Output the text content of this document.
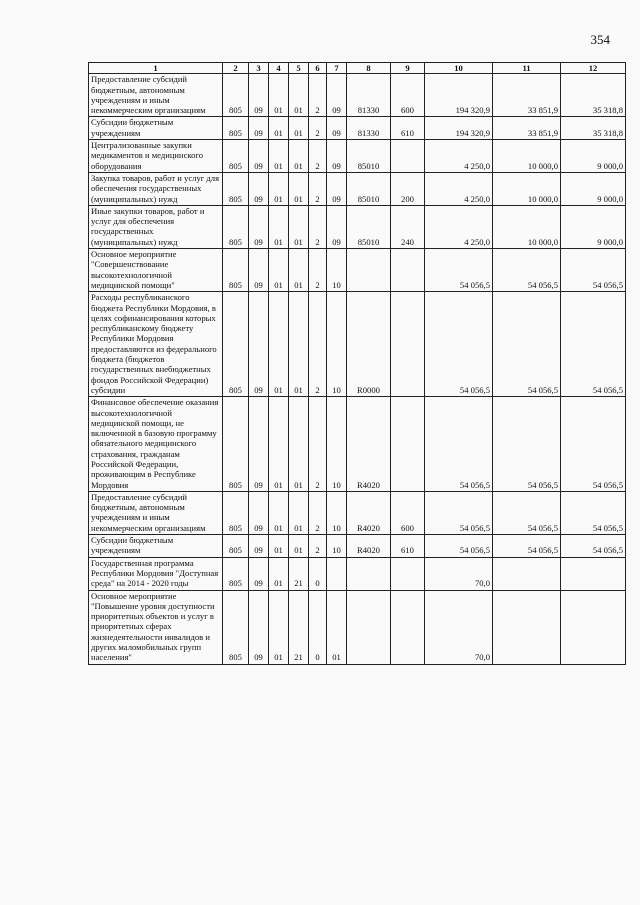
354
1	2	3	4	5	6	7	8	9	10	11	12
Предоставление субсидий бюджетным, автономным учреждениям и иным некоммерческим организациям	805	09	01	01	2	09	81330	600	194 320,9	33 851,9	35 318,8
Субсидии бюджетным учреждениям	805	09	01	01	2	09	81330	610	194 320,9	33 851,9	35 318,8
Централизованные закупки медикаментов и медицинского оборудования	805	09	01	01	2	09	85010		4 250,0	10 000,0	9 000,0
Закупка товаров, работ и услуг для обеспечения государственных (муниципальных) нужд	805	09	01	01	2	09	85010	200	4 250,0	10 000,0	9 000,0
Иные закупки товаров, работ и услуг для обеспечения государственных (муниципальных) нужд	805	09	01	01	2	09	85010	240	4 250,0	10 000,0	9 000,0
Основное мероприятие "Совершенствование высокотехнологичной медицинской помощи"	805	09	01	01	2	10			54 056,5	54 056,5	54 056,5
Расходы республиканского бюджета Республики Мордовия, в целях софинансирования которых республиканскому бюджету Республики Мордовия предоставляются из федерального бюджета (бюджетов государственных внебюджетных фондов Российской Федерации) субсидии	805	09	01	01	2	10	R0000		54 056,5	54 056,5	54 056,5
Финансовое обеспечение оказания высокотехнологичной медицинской помощи, не включенной в базовую программу обязательного медицинского страхования, гражданам Российской Федерации, проживающим в Республике Мордовия	805	09	01	01	2	10	R4020		54 056,5	54 056,5	54 056,5
Предоставление субсидий бюджетным, автономным учреждениям и иным некоммерческим организациям	805	09	01	01	2	10	R4020	600	54 056,5	54 056,5	54 056,5
Субсидии бюджетным учреждениям	805	09	01	01	2	10	R4020	610	54 056,5	54 056,5	54 056,5
Государственная программа Республики Мордовия "Доступная среда" на 2014 - 2020 годы	805	09	01	21	0				70,0		
Основное мероприятие "Повышение уровня доступности приоритетных объектов и услуг в приоритетных сферах жизнедеятельности инвалидов и других маломобильных групп населения"	805	09	01	21	0	01			70,0		
